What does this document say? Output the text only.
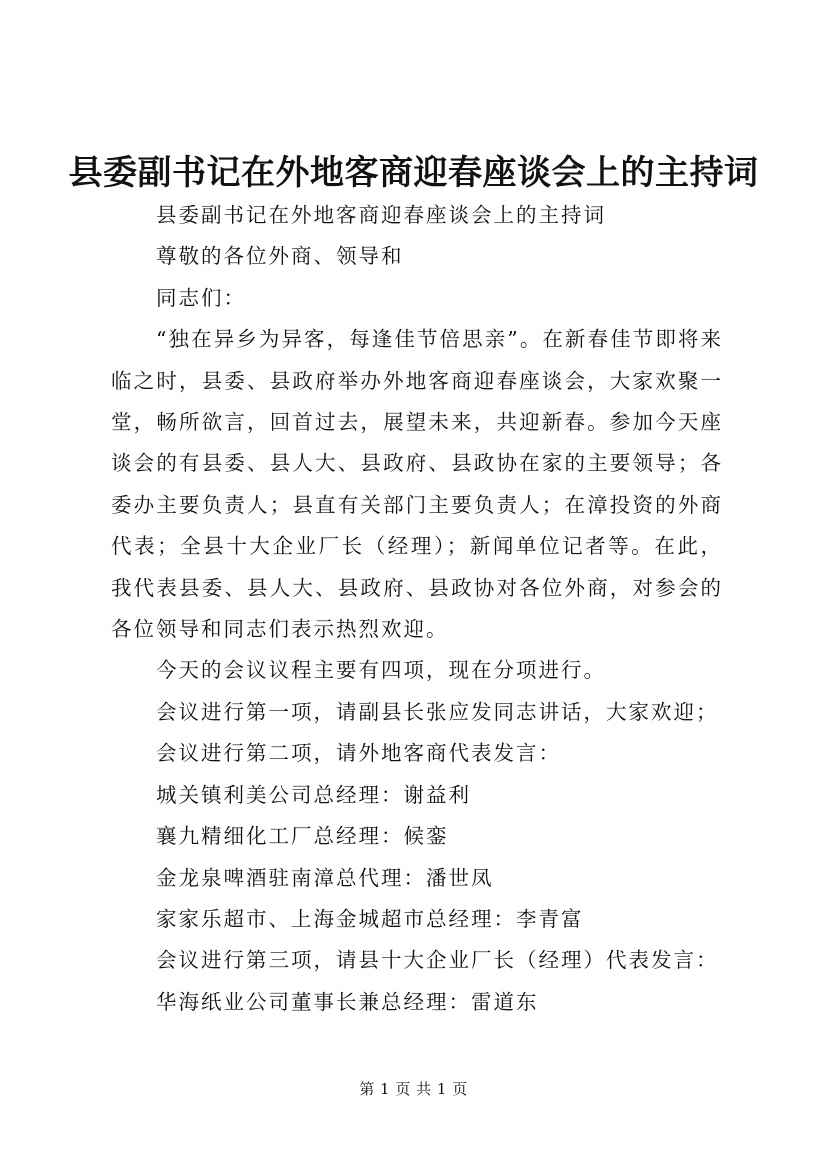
县委副书记在外地客商迎春座谈会上的主持词

县委副书记在外地客商迎春座谈会上的主持词

尊敬的各位外商、领导和

同志们：

“独在异乡为异客，每逢佳节倍思亲”。在新春佳节即将来临之时，县委、县政府举办外地客商迎春座谈会，大家欢聚一堂，畅所欲言，回首过去，展望未来，共迎新春。参加今天座谈会的有县委、县人大、县政府、县政协在家的主要领导；各委办主要负责人；县直有关部门主要负责人；在漳投资的外商代表；全县十大企业厂长（经理）；新闻单位记者等。在此，我代表县委、县人大、县政府、县政协对各位外商，对参会的各位领导和同志们表示热烈欢迎。

今天的会议议程主要有四项，现在分项进行。

会议进行第一项，请副县长张应发同志讲话，大家欢迎；

会议进行第二项，请外地客商代表发言：

城关镇利美公司总经理：谢益利

襄九精细化工厂总经理：候銮

金龙泉啤酒驻南漳总代理：潘世凤

家家乐超市、上海金城超市总经理：李青富

会议进行第三项，请县十大企业厂长（经理）代表发言：

华海纸业公司董事长兼总经理：雷道东

第 1 页 共 1 页
